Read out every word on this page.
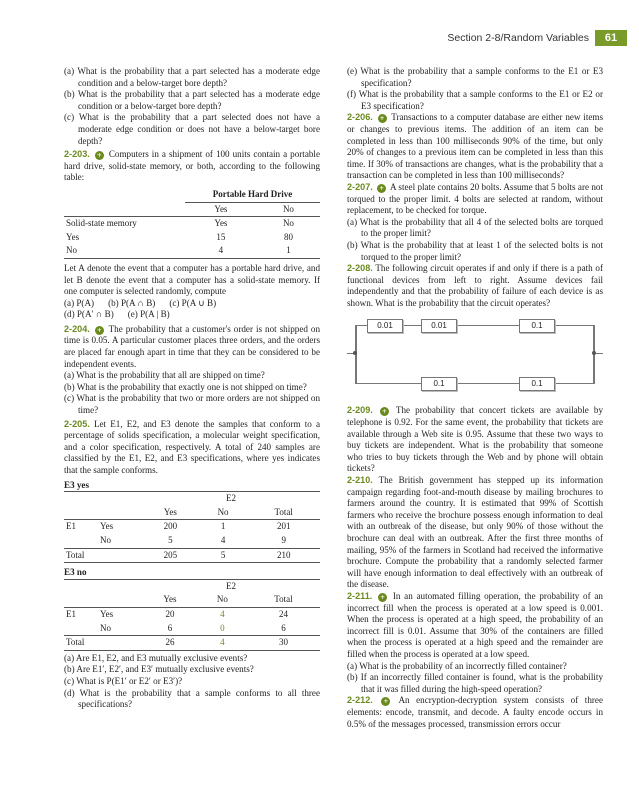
Section 2-8/Random Variables	61

(a) What is the probability that a part selected has a moderate edge condition and a below-target bore depth?

(b) What is the probability that a part selected has a moderate edge condition or a below-target bore depth?

(c) What is the probability that a part selected does not have a moderate edge condition or does not have a below-target bore depth?

2-203. + Computers in a shipment of 100 units contain a portable hard drive, solid-state memory, or both, according to the following table:

	Portable Hard Drive	
	Yes	No
Solid-state memory	Yes	No
Yes	15	80
No	4	1

Let A denote the event that a computer has a portable hard drive, and let B denote the event that a computer has a solid-state memory. If one computer is selected randomly, compute

(a) P(A) (b) P(A ∩ B) (c) P(A ∪ B)
(d) P(A′ ∩ B) (e) P(A | B)

2-204. + The probability that a customer's order is not shipped on time is 0.05. A particular customer places three orders, and the orders are placed far enough apart in time that they can be considered to be independent events.

(a) What is the probability that all are shipped on time?

(b) What is the probability that exactly one is not shipped on time?

(c) What is the probability that two or more orders are not shipped on time?

2-205. Let E1, E2, and E3 denote the samples that conform to a percentage of solids specification, a molecular weight specification, and a color specification, respectively. A total of 240 samples are classified by the E1, E2, and E3 specifications, where yes indicates that the sample conforms.

E3 yes

		E2		
		Yes	No	Total
E1	Yes	200	1	201
	No	5	4	9
Total		205	5	210

E3 no

		E2		
		Yes	No	Total
E1	Yes	20	4	24
	No	6	0	6
Total		26	4	30

(a) Are E1, E2, and E3 mutually exclusive events?

(b) Are E1′, E2′, and E3′ mutually exclusive events?

(c) What is P(E1′ or E2′ or E3′)?

(d) What is the probability that a sample conforms to all three specifications?

(e) What is the probability that a sample conforms to the E1 or E3 specification?

(f) What is the probability that a sample conforms to the E1 or E2 or E3 specification?

2-206. + Transactions to a computer database are either new items or changes to previous items. The addition of an item can be completed in less than 100 milliseconds 90% of the time, but only 20% of changes to a previous item can be completed in less than this time. If 30% of transactions are changes, what is the probability that a transaction can be completed in less than 100 milliseconds?

2-207. + A steel plate contains 20 bolts. Assume that 5 bolts are not torqued to the proper limit. 4 bolts are selected at random, without replacement, to be checked for torque.

(a) What is the probability that all 4 of the selected bolts are torqued to the proper limit?

(b) What is the probability that at least 1 of the selected bolts is not torqued to the proper limit?

2-208. The following circuit operates if and only if there is a path of functional devices from left to right. Assume devices fail independently and that the probability of failure of each device is as shown. What is the probability that the circuit operates?

0.01	0.01	0.1
0.1	0.1

2-209. + The probability that concert tickets are available by telephone is 0.92. For the same event, the probability that tickets are available through a Web site is 0.95. Assume that these two ways to buy tickets are independent. What is the probability that someone who tries to buy tickets through the Web and by phone will obtain tickets?

2-210. The British government has stepped up its information campaign regarding foot-and-mouth disease by mailing brochures to farmers around the country. It is estimated that 99% of Scottish farmers who receive the brochure possess enough information to deal with an outbreak of the disease, but only 90% of those without the brochure can deal with an outbreak. After the first three months of mailing, 95% of the farmers in Scotland had received the informative brochure. Compute the probability that a randomly selected farmer will have enough information to deal effectively with an outbreak of the disease.

2-211. + In an automated filling operation, the probability of an incorrect fill when the process is operated at a low speed is 0.001. When the process is operated at a high speed, the probability of an incorrect fill is 0.01. Assume that 30% of the containers are filled when the process is operated at a high speed and the remainder are filled when the process is operated at a low speed.

(a) What is the probability of an incorrectly filled container?

(b) If an incorrectly filled container is found, what is the probability that it was filled during the high-speed operation?

2-212. + An encryption-decryption system consists of three elements: encode, transmit, and decode. A faulty encode occurs in 0.5% of the messages processed, transmission errors occur
